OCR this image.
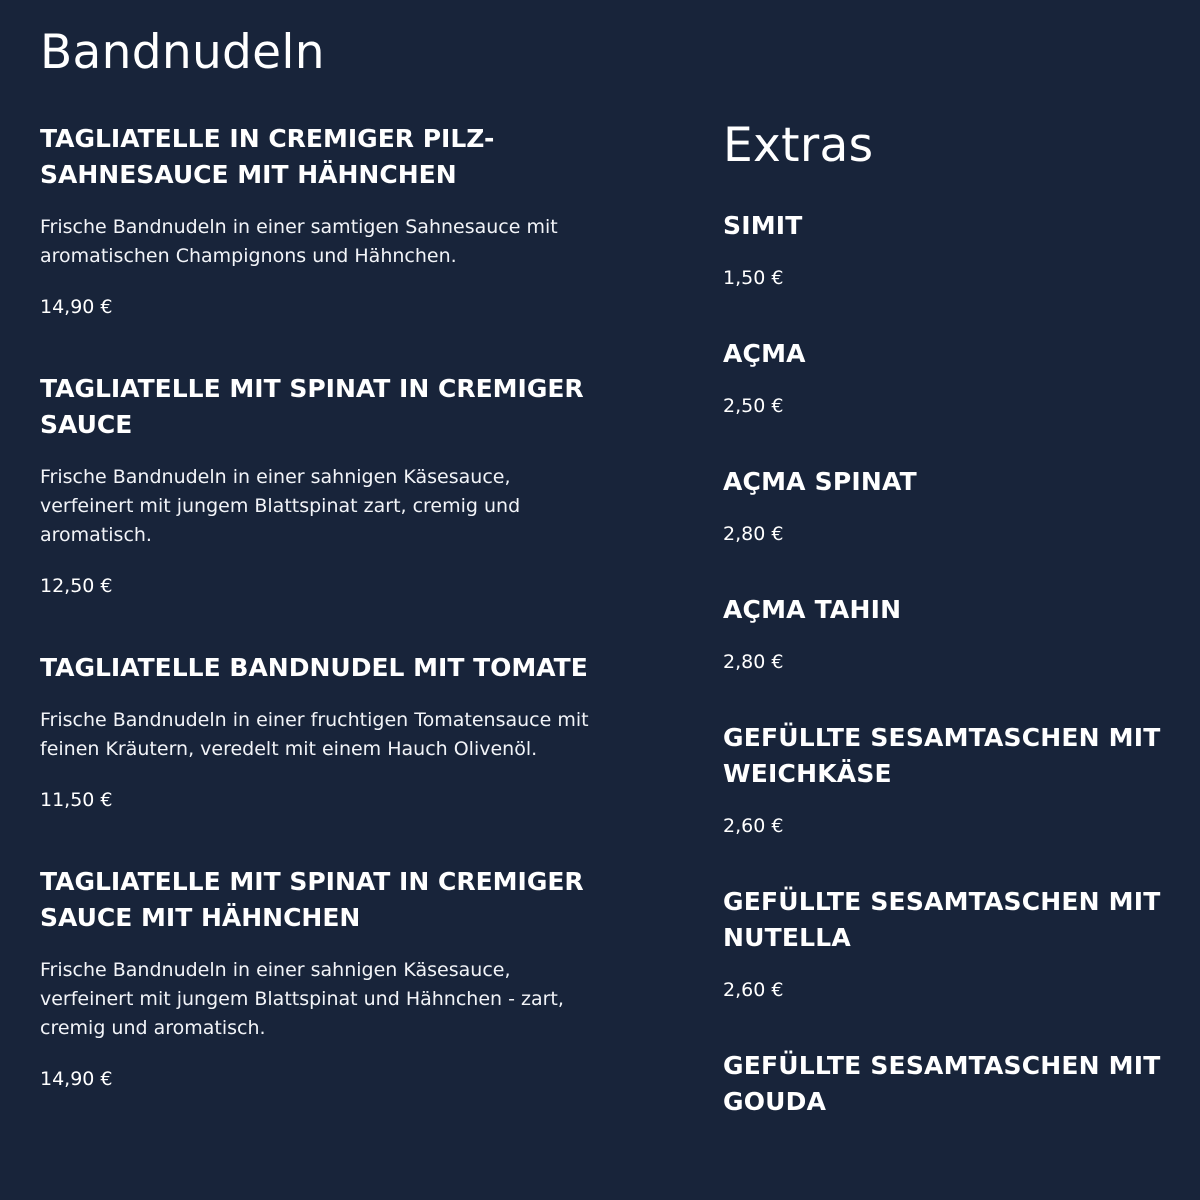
Bandnudeln
TAGLIATELLE IN CREMIGER PILZ-SAHNESAUCE MIT HÄHNCHEN

Frische Bandnudeln in einer samtigen Sahnesauce mit aromatischen Champignons und Hähnchen.

14,90 €

TAGLIATELLE MIT SPINAT IN CREMIGER SAUCE

Frische Bandnudeln in einer sahnigen Käsesauce, verfeinert mit jungem Blattspinat zart, cremig und aromatisch.

12,50 €

TAGLIATELLE BANDNUDEL MIT TOMATE

Frische Bandnudeln in einer fruchtigen Tomatensauce mit feinen Kräutern, veredelt mit einem Hauch Olivenöl.

11,50 €

TAGLIATELLE MIT SPINAT IN CREMIGER SAUCE MIT HÄHNCHEN

Frische Bandnudeln in einer sahnigen Käsesauce, verfeinert mit jungem Blattspinat und Hähnchen - zart, cremig und aromatisch.

14,90 €

Extras
SIMIT

1,50 €

AÇMA

2,50 €

AÇMA SPINAT

2,80 €

AÇMA TAHIN

2,80 €

GEFÜLLTE SESAMTASCHEN MIT WEICHKÄSE

2,60 €

GEFÜLLTE SESAMTASCHEN MIT NUTELLA

2,60 €

GEFÜLLTE SESAMTASCHEN MIT GOUDA
